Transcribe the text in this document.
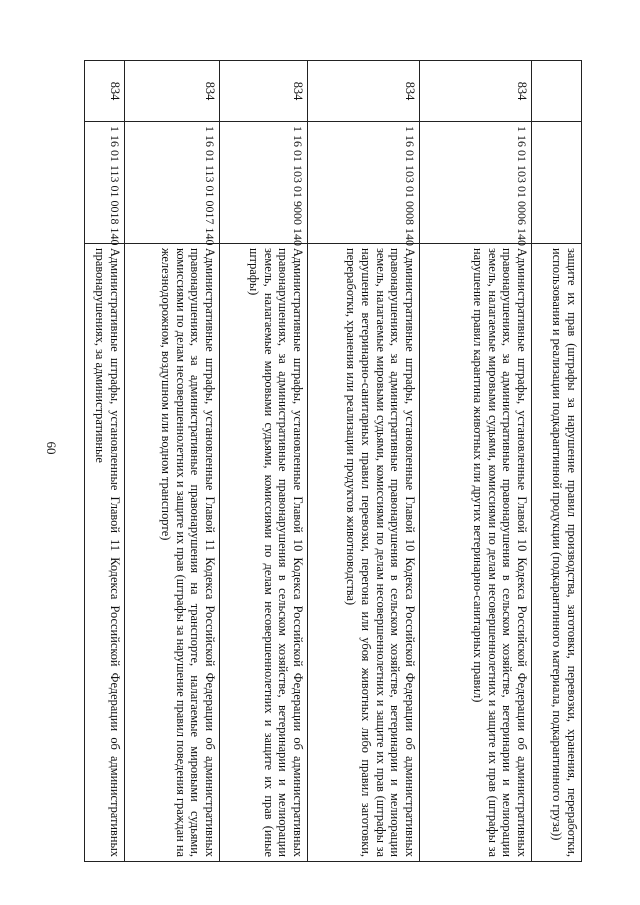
60
			защите их прав (штрафы за нарушение правил производства, заготовки, перевозки, хранения, переработки, использования и реализации подкарантинной продукции (подкарантинного материала, подкарантинного груза))
834	1 16 01 103 01 0006 140	Административные штрафы, установленные Главой 10 Кодекса Российской Федерации об административных правонарушениях, за административные правонарушения в сельском хозяйстве, ветеринарии и мелиорации земель, налагаемые мировыми судьями, комиссиями по делам несовершеннолетних и защите их прав (штрафы за нарушение правил карантина животных или других ветеринарно-санитарных правил)
834	1 16 01 103 01 0008 140	Административные штрафы, установленные Главой 10 Кодекса Российской Федерации об административных правонарушениях, за административные правонарушения в сельском хозяйстве, ветеринарии и мелиорации земель, налагаемые мировыми судьями, комиссиями по делам несовершеннолетних и защите их прав (штрафы за нарушение ветеринарно-санитарных правил перевозки, перегона или убоя животных либо правил заготовки, переработки, хранения или реализации продуктов животноводства)
834	1 16 01 103 01 9000 140	Административные штрафы, установленные Главой 10 Кодекса Российской Федерации об административных правонарушениях, за административные правонарушения в сельском хозяйстве, ветеринарии и мелиорации земель, налагаемые мировыми судьями, комиссиями по делам несовершеннолетних и защите их прав (иные штрафы)
834	1 16 01 113 01 0017 140	Административные штрафы, установленные Главой 11 Кодекса Российской Федерации об административных правонарушениях, за административные правонарушения на транспорте, налагаемые мировыми судьями, комиссиями по делам несовершеннолетних и защите их прав (штрафы за нарушение правил поведения граждан на железнодорожном, воздушном или водном транспорте)
834	1 16 01 113 01 0018 140	Административные штрафы, установленные Главой 11 Кодекса Российской Федерации об административных правонарушениях, за административные
